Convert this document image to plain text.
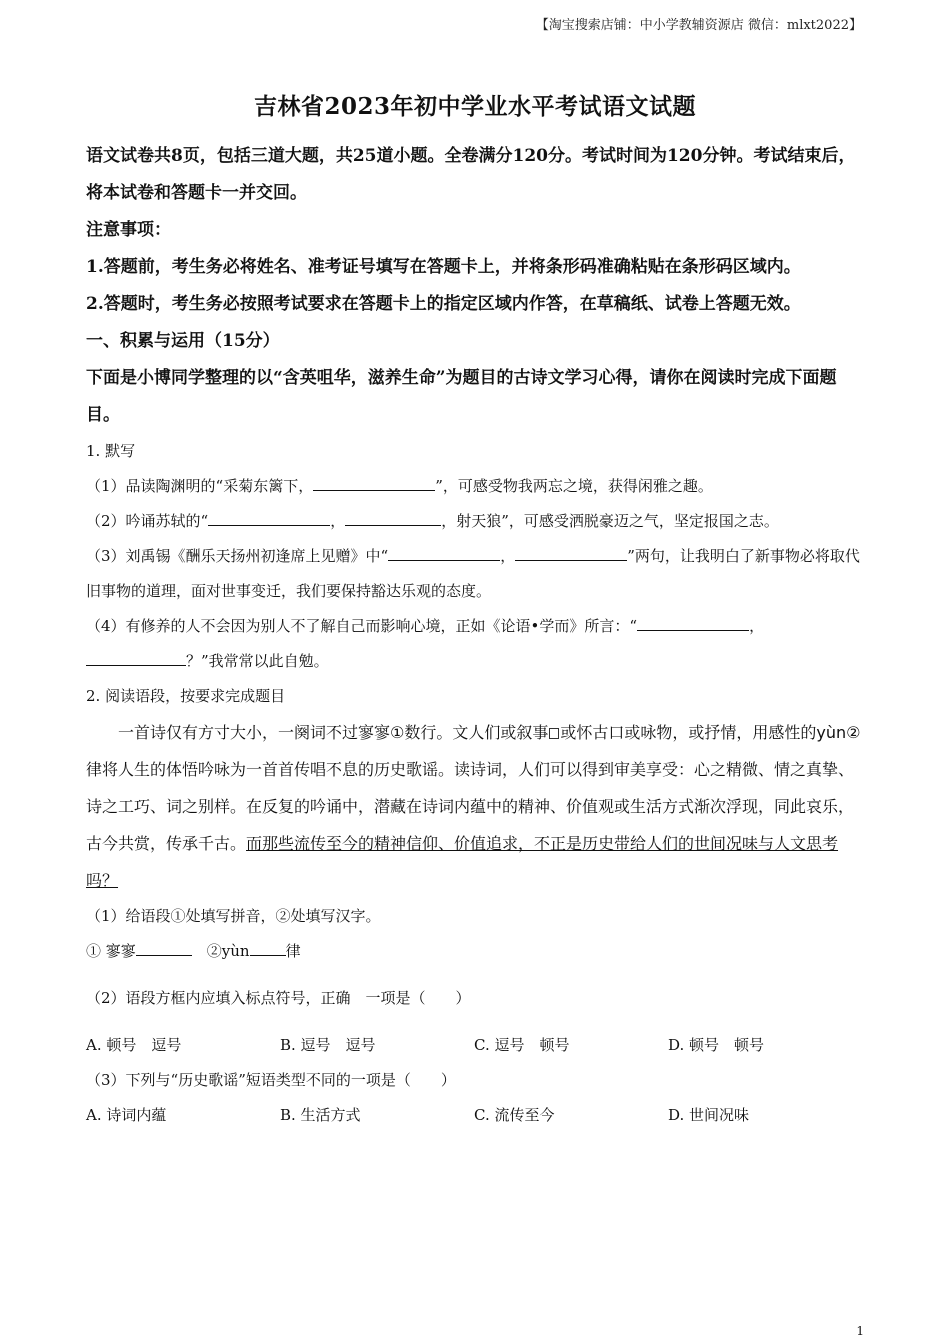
【淘宝搜索店铺：中小学教辅资源店 微信：mlxt2022】
吉林省2023年初中学业水平考试语文试题

语文试卷共8页，包括三道大题，共25道小题。全卷满分120分。考试时间为120分钟。考试结束后，将本试卷和答题卡一并交回。

注意事项：

1.答题前，考生务必将姓名、准考证号填写在答题卡上，并将条形码准确粘贴在条形码区域内。

2.答题时，考生务必按照考试要求在答题卡上的指定区域内作答，在草稿纸、试卷上答题无效。

一、积累与运用（15分）

下面是小博同学整理的以“含英咀华，滋养生命”为题目的古诗文学习心得，请你在阅读时完成下面题目。

1. 默写

（1）品读陶渊明的“采菊东篱下，	”，可感受物我两忘之境，获得闲雅之趣。

（2）吟诵苏轼的“	，	，射天狼”，可感受洒脱豪迈之气，坚定报国之志。

（3）刘禹锡《酬乐天扬州初逢席上见赠》中“	，	”两句，让我明白了新事物必将取代旧事物的道理，面对世事变迁，我们要保持豁达乐观的态度。

（4）有修养的人不会因为别人不了解自己而影响心境，正如《论语•学而》所言：“	，？”我常常以此自勉。

2. 阅读语段，按要求完成题目

一首诗仅有方寸大小，一阕词不过寥寥①数行。文人们或叙事 或怀古口或咏物，或抒情，用感性的yùn②律将人生的体悟吟咏为一首首传唱不息的历史歌谣。读诗词，人们可以得到审美享受：心之精微、情之真挚、诗之工巧、词之别样。在反复的吟诵中，潜藏在诗词内蕴中的精神、价值观或生活方式渐次浮现，同此哀乐，古今共赏，传承千古。而那些流传至今的精神信仰、价值追求，不正是历史带给人们的世间况味与人文思考吗？

（1）给语段①处填写拼音，②处填写汉字。

① 寥寥　	②yùn 律

（2）语段方框内应填入标点符号，正确　一项是（　　）

A. 顿号　逗号	B. 逗号　逗号	C. 逗号　顿号	D. 顿号　顿号

（3）下列与“历史歌谣”短语类型不同的一项是（　　）

A. 诗词内蕴	B. 生活方式	C. 流传至今	D. 世间况味
1
